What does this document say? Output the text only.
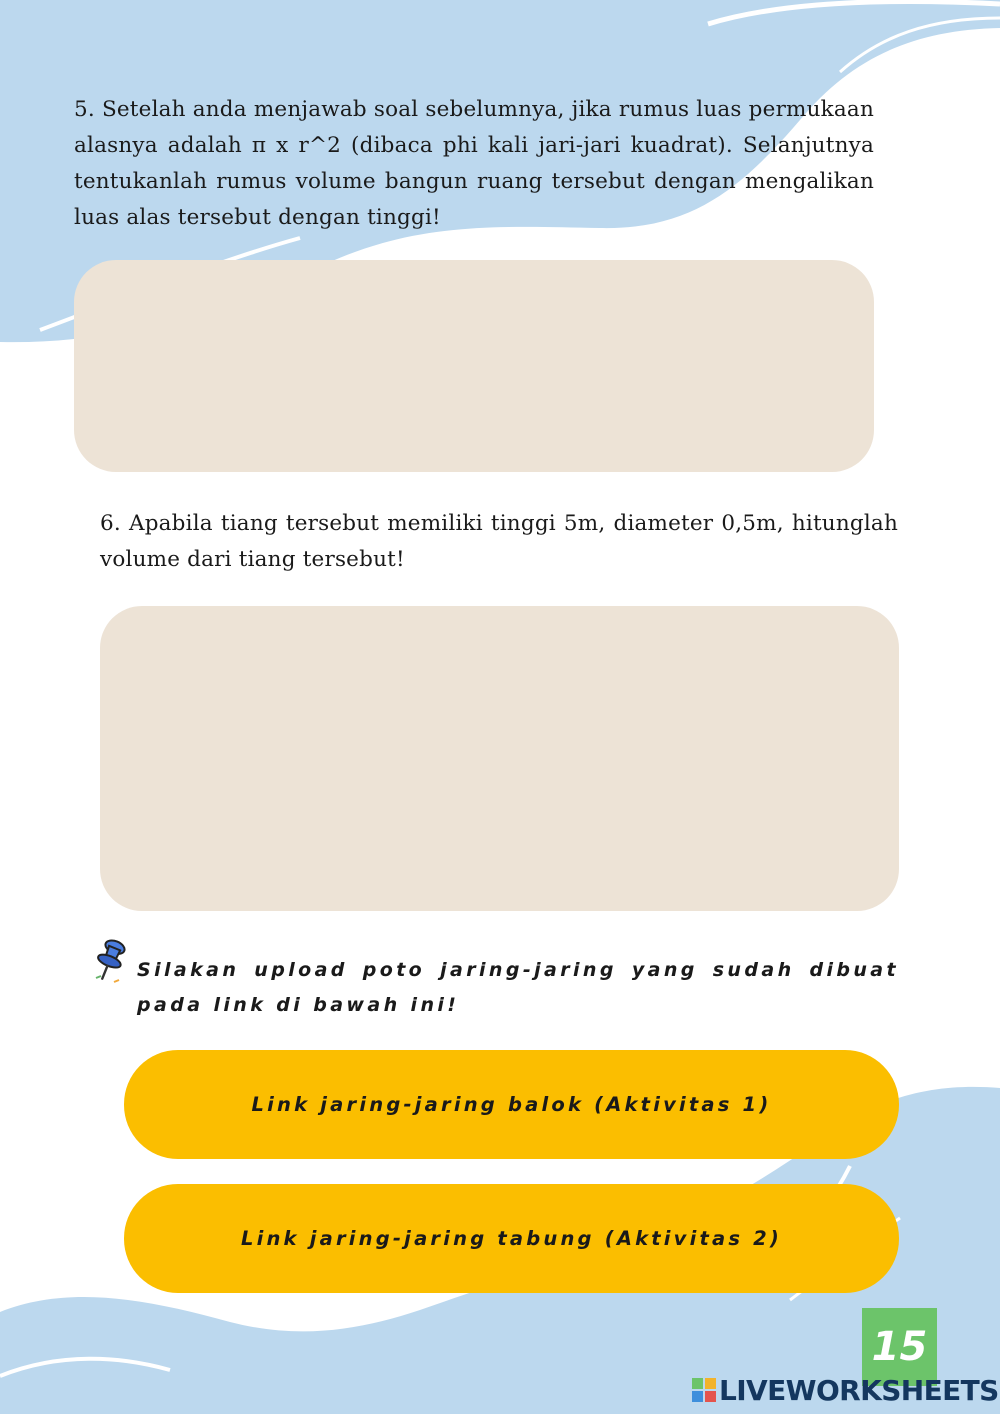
5. Setelah anda menjawab soal sebelumnya, jika rumus luas permukaan alasnya adalah π x r^2 (dibaca phi kali jari-jari kuadrat). Selanjutnya tentukanlah rumus volume bangun ruang tersebut dengan mengalikan luas alas tersebut dengan tinggi!
6. Apabila tiang tersebut memiliki tinggi 5m, diameter 0,5m, hitunglah volume dari tiang tersebut!
Silakan upload poto jaring-jaring yang sudah dibuat pada link di bawah ini!
Link jaring-jaring balok (Aktivitas 1)
Link jaring-jaring tabung (Aktivitas 2)
15
LIVEWORKSHEETS
